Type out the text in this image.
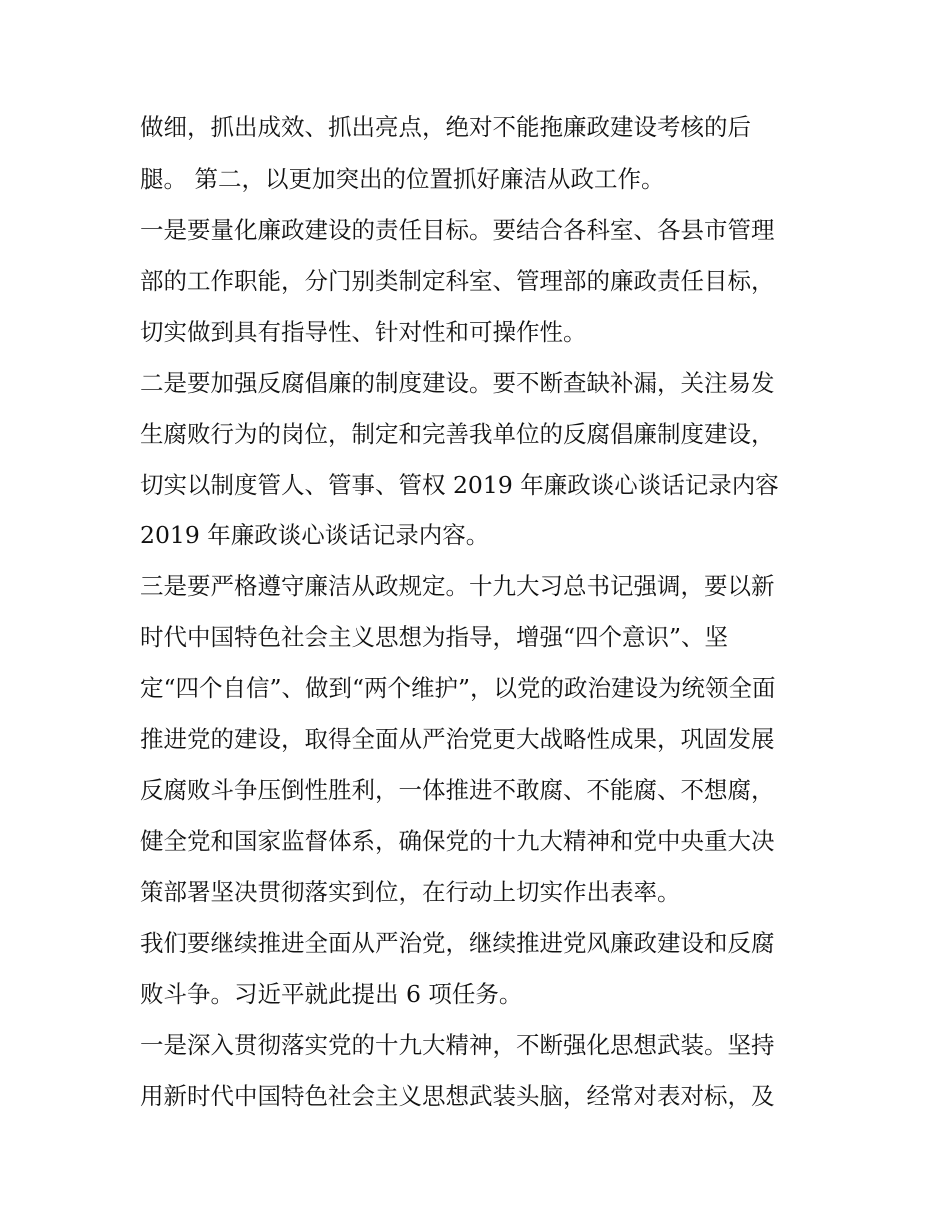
做细，抓出成效、抓出亮点，绝对不能拖廉政建设考核的后
腿。 第二，以更加突出的位置抓好廉洁从政工作。
一是要量化廉政建设的责任目标。要结合各科室、各县市管理
部的工作职能，分门别类制定科室、管理部的廉政责任目标，
切实做到具有指导性、针对性和可操作性。
二是要加强反腐倡廉的制度建设。要不断查缺补漏，关注易发
生腐败行为的岗位，制定和完善我单位的反腐倡廉制度建设，
切实以制度管人、管事、管权 2019 年廉政谈心谈话记录内容
2019 年廉政谈心谈话记录内容。
三是要严格遵守廉洁从政规定。十九大习总书记强调，要以新
时代中国特色社会主义思想为指导，增强“四个意识”、坚
定“四个自信”、做到“两个维护”，以党的政治建设为统领全面
推进党的建设，取得全面从严治党更大战略性成果，巩固发展
反腐败斗争压倒性胜利，一体推进不敢腐、不能腐、不想腐，
健全党和国家监督体系，确保党的十九大精神和党中央重大决
策部署坚决贯彻落实到位，在行动上切实作出表率。
我们要继续推进全面从严治党，继续推进党风廉政建设和反腐
败斗争。习近平就此提出 6 项任务。
一是深入贯彻落实党的十九大精神，不断强化思想武装。坚持
用新时代中国特色社会主义思想武装头脑，经常对表对标，及
